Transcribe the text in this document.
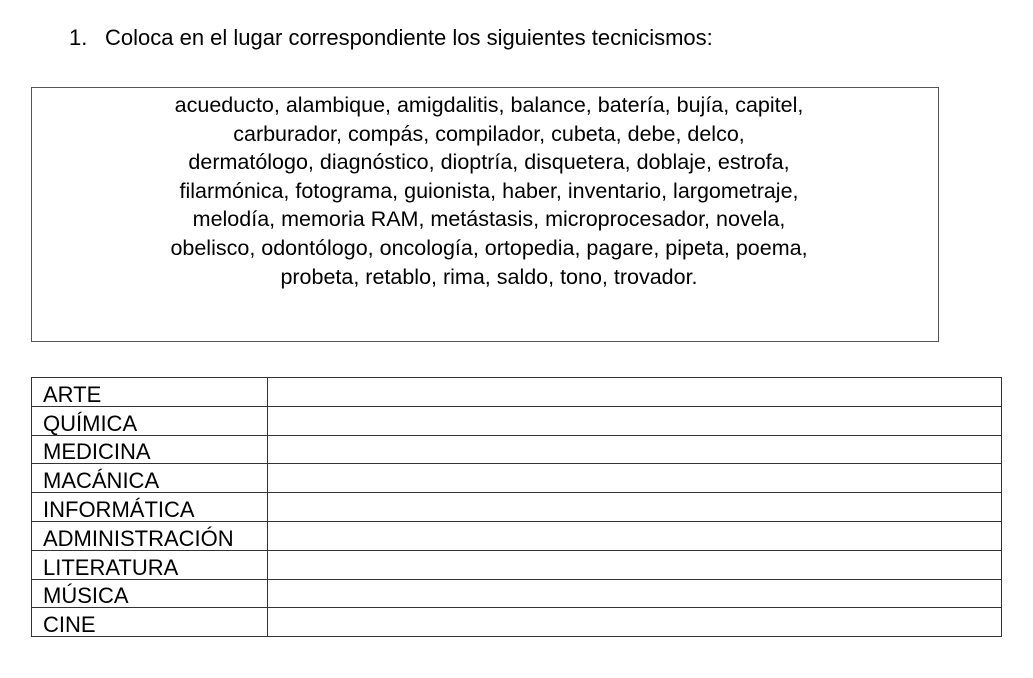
1. Coloca en el lugar correspondiente los siguientes tecnicismos:
acueducto, alambique, amigdalitis, balance, batería, bujía, capitel,
carburador, compás, compilador, cubeta, debe, delco,
dermatólogo, diagnóstico, dioptría, disquetera, doblaje, estrofa,
filarmónica, fotograma, guionista, haber, inventario, largometraje,
melodía, memoria RAM, metástasis, microprocesador, novela,
obelisco, odontólogo, oncología, ortopedia, pagare, pipeta, poema,
probeta, retablo, rima, saldo, tono, trovador.
ARTE	
QUÍMICA	
MEDICINA	
MACÁNICA	
INFORMÁTICA	
ADMINISTRACIÓN	
LITERATURA	
MÚSICA	
CINE	
